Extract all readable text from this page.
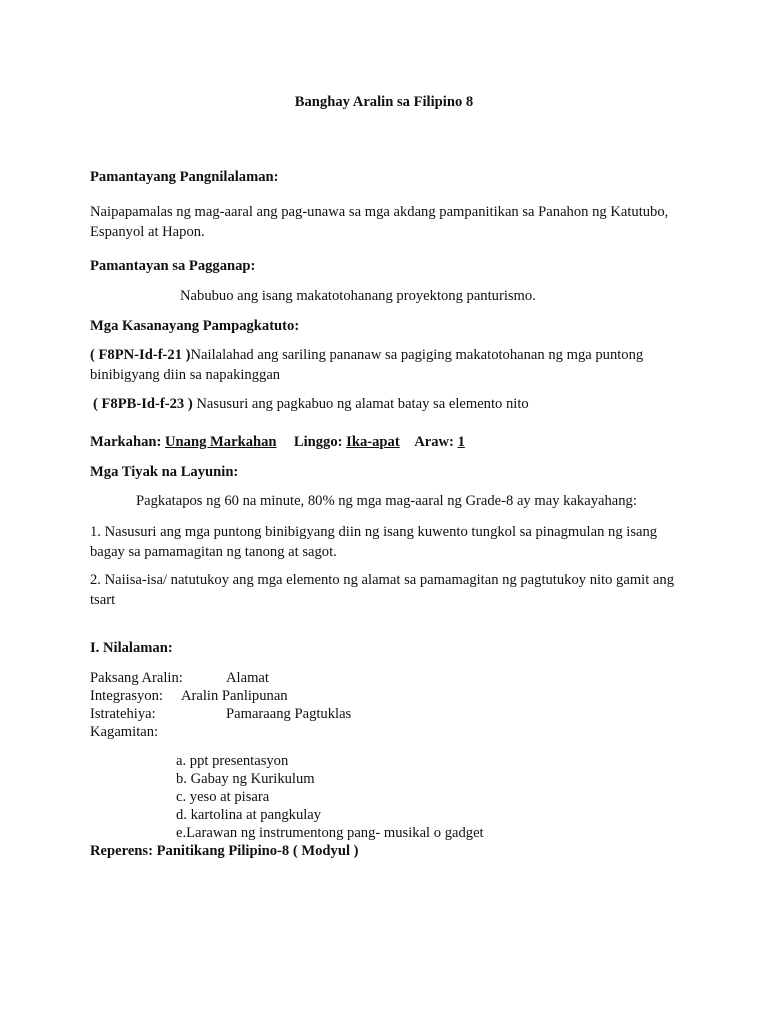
Banghay Aralin sa Filipino 8
Pamantayang Pangnilalaman:
Naipapamalas ng mag-aaral ang pag-unawa sa mga akdang pampanitikan sa Panahon ng Katutubo, Espanyol at Hapon.
Pamantayan sa Pagganap:
Nabubuo ang isang makatotohanang proyektong panturismo.
Mga Kasanayang Pampagkatuto:
( F8PN-Id-f-21 )Nailalahad ang sariling pananaw sa pagiging makatotohanan ng mga puntong binibigyang diin sa napakinggan
( F8PB-Id-f-23 ) Nasusuri ang pagkabuo ng alamat batay sa elemento nito
Markahan: Unang Markahan Linggo: Ika-apat Araw: 1
Mga Tiyak na Layunin:
Pagkatapos ng 60 na minute, 80% ng mga mag-aaral ng Grade-8 ay may kakayahang:
1. Nasusuri ang mga puntong binibigyang diin ng isang kuwento tungkol sa pinagmulan ng isang bagay sa pamamagitan ng tanong at sagot.
2. Naiisa-isa/ natutukoy ang mga elemento ng alamat sa pamamagitan ng pagtutukoy nito gamit ang tsart
I. Nilalaman:
Paksang Aralin:	Alamat
Integrasyon: Aralin Panlipunan
Istratehiya:	Pamaraang Pagtuklas
Kagamitan:
a. ppt presentasyon
b. Gabay ng Kurikulum
c. yeso at pisara
d. kartolina at pangkulay
e.Larawan ng instrumentong pang- musikal o gadget
Reperens: Panitikang Pilipino-8 ( Modyul )
